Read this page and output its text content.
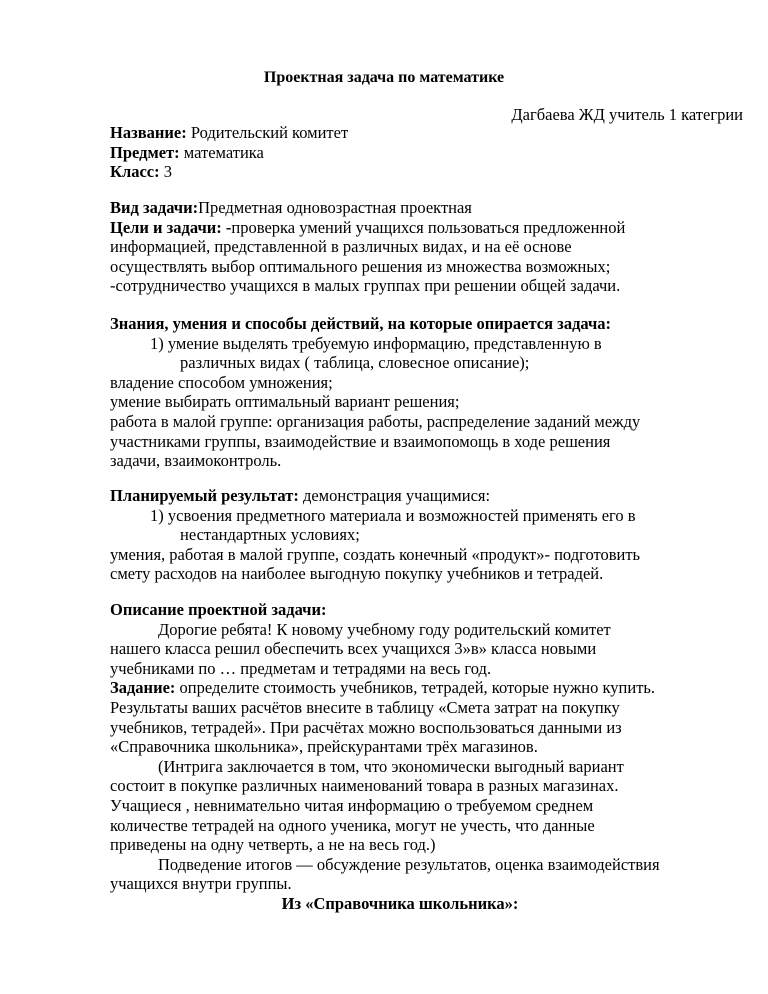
Проектная задача по математике
Дагбаева ЖД учитель 1 категрии
Название: Родительский комитет
Предмет: математика
Класс: 3
Вид задачи:Предметная одновозрастная проектная
Цели и задачи: -проверка умений учащихся пользоваться предложенной
информацией, представленной в различных видах, и на её основе
осуществлять выбор оптимального решения из множества возможных;
-сотрудничество учащихся в малых группах при решении общей задачи.
Знания, умения и способы действий, на которые опирается задача:
1) умение выделять требуемую информацию, представленную в
различных видах ( таблица, словесное описание);
владение способом умножения;
умение выбирать оптимальный вариант решения;
работа в малой группе: организация работы, распределение заданий между
участниками группы, взаимодействие и взаимопомощь в ходе решения
задачи, взаимоконтроль.
Планируемый результат: демонстрация учащимися:
1) усвоения предметного материала и возможностей применять его в
нестандартных условиях;
умения, работая в малой группе, создать конечный «продукт»- подготовить
смету расходов на наиболее выгодную покупку учебников и тетрадей.
Описание проектной задачи:
Дорогие ребята! К новому учебному году родительский комитет
нашего класса решил обеспечить всех учащихся 3»в» класса новыми
учебниками по … предметам и тетрадями на весь год.
Задание: определите стоимость учебников, тетрадей, которые нужно купить.
Результаты ваших расчётов внесите в таблицу «Смета затрат на покупку
учебников, тетрадей». При расчётах можно воспользоваться данными из
«Справочника школьника», прейскурантами трёх магазинов.
(Интрига заключается в том, что экономически выгодный вариант
состоит в покупке различных наименований товара в разных магазинах.
Учащиеся , невнимательно читая информацию о требуемом среднем
количестве тетрадей на одного ученика, могут не учесть, что данные
приведены на одну четверть, а не на весь год.)
Подведение итогов — обсуждение результатов, оценка взаимодействия
учащихся внутри группы.
Из «Справочника школьника»:
